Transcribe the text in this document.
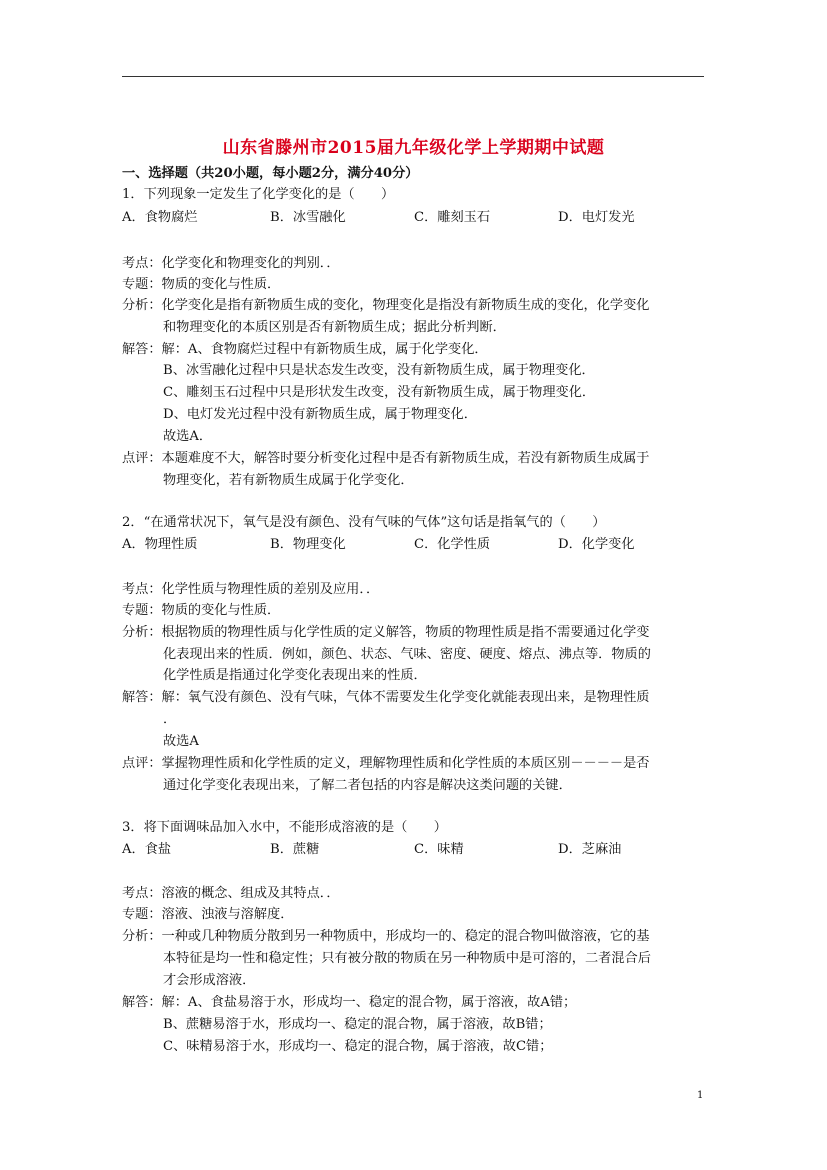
山东省滕州市2015届九年级化学上学期期中试题
一、选择题（共20小题，每小题2分，满分40分）
1．下列现象一定发生了化学变化的是（　　）
A．食物腐烂	B．冰雪融化	C．雕刻玉石	D．电灯发光
考点：化学变化和物理变化的判别．．
专题：物质的变化与性质．
分析：化学变化是指有新物质生成的变化，物理变化是指没有新物质生成的变化，化学变化
和物理变化的本质区别是否有新物质生成；据此分析判断．
解答：解：A、食物腐烂过程中有新物质生成，属于化学变化．
B、冰雪融化过程中只是状态发生改变，没有新物质生成，属于物理变化．
C、雕刻玉石过程中只是形状发生改变，没有新物质生成，属于物理变化．
D、电灯发光过程中没有新物质生成，属于物理变化．
故选A．
点评：本题难度不大，解答时要分析变化过程中是否有新物质生成，若没有新物质生成属于
物理变化，若有新物质生成属于化学变化．
2．“在通常状况下，氧气是没有颜色、没有气味的气体”这句话是指氧气的（　　）
A．物理性质	B．物理变化	C．化学性质	D．化学变化
考点：化学性质与物理性质的差别及应用．．
专题：物质的变化与性质．
分析：根据物质的物理性质与化学性质的定义解答，物质的物理性质是指不需要通过化学变
化表现出来的性质．例如，颜色、状态、气味、密度、硬度、熔点、沸点等．物质的
化学性质是指通过化学变化表现出来的性质．
解答：解：氧气没有颜色、没有气味，气体不需要发生化学变化就能表现出来，是物理性质
．
故选A
点评：掌握物理性质和化学性质的定义，理解物理性质和化学性质的本质区别－－－－是否
通过化学变化表现出来，了解二者包括的内容是解决这类问题的关键．
3．将下面调味品加入水中，不能形成溶液的是（　　）
A．食盐	B．蔗糖	C．味精	D．芝麻油
考点：溶液的概念、组成及其特点．．
专题：溶液、浊液与溶解度．
分析：一种或几种物质分散到另一种物质中，形成均一的、稳定的混合物叫做溶液，它的基
本特征是均一性和稳定性；只有被分散的物质在另一种物质中是可溶的，二者混合后
才会形成溶液．
解答：解：A、食盐易溶于水，形成均一、稳定的混合物，属于溶液，故A错；
B、蔗糖易溶于水，形成均一、稳定的混合物，属于溶液，故B错；
C、味精易溶于水，形成均一、稳定的混合物，属于溶液，故C错；
1
